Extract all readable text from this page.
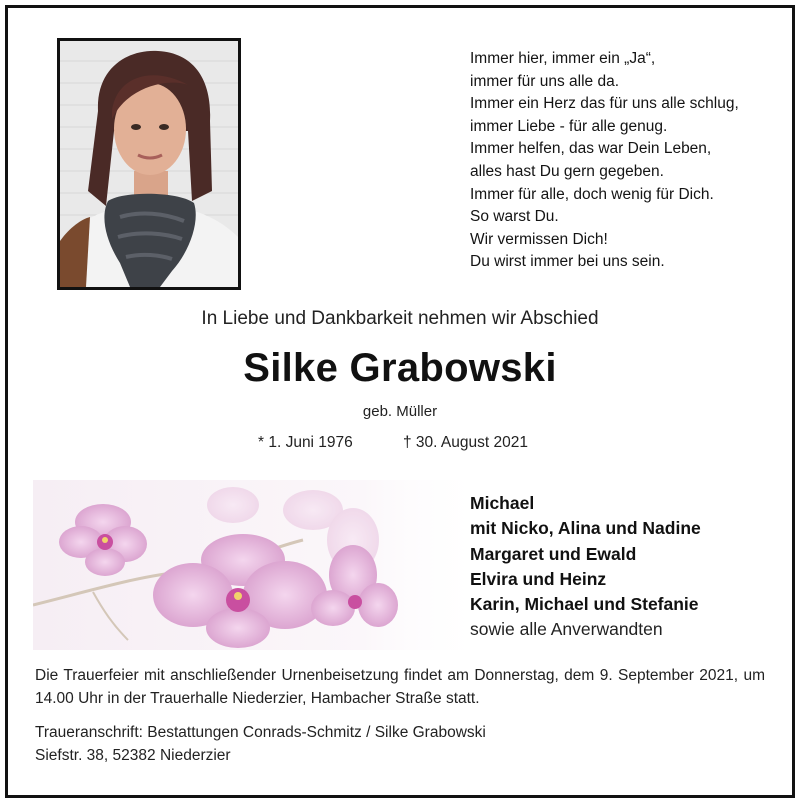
Immer hier, immer ein „Ja“,
immer für uns alle da.
Immer ein Herz das für uns alle schlug,
immer Liebe - für alle genug.
Immer helfen, das war Dein Leben,
alles hast Du gern gegeben.
Immer für alle, doch wenig für Dich.
So warst Du.
Wir vermissen Dich!
Du wirst immer bei uns sein.
In Liebe und Dankbarkeit nehmen wir Abschied
Silke Grabowski
geb. Müller
* 1. Juni 1976	† 30. August 2021
Michael
mit Nicko, Alina und Nadine
Margaret und Ewald
Elvira und Heinz
Karin, Michael und Stefanie
sowie alle Anverwandten
Die Trauerfeier mit anschließender Urnenbeisetzung findet am Donnerstag, dem 9. September 2021, um 14.00 Uhr in der Trauerhalle Niederzier, Hambacher Straße statt.
Traueranschrift: Bestattungen Conrads-Schmitz / Silke Grabowski
Siefstr. 38, 52382 Niederzier
